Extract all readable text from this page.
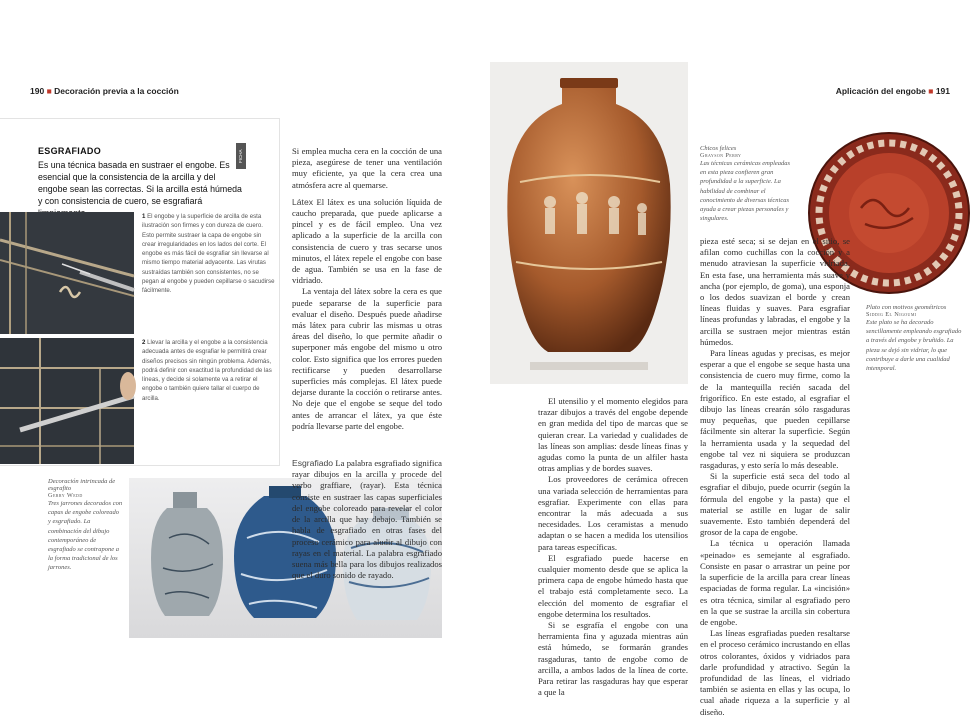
190 ■ Decoración previa a la cocción
FICHA TÉCNICA
ESGRAFIADO
Es una técnica basada en sustraer el engobe. Es esencial que la consistencia de la arcilla y del engobe sean las correctas. Si la arcilla está húmeda y con consistencia de cuero, se esgrafiará
1 El engobe y la superficie de arcilla de esta ilustración son firmes y con dureza de cuero. Esto permite sustraer la capa de engobe sin crear irregularidades en los lados del corte. El engobe es más fácil de esgrafiar sin llevarse al mismo tiempo material adyacente. Las virutas sustraídas también son consistentes, no se pegan al engobe y pueden cepillarse o sacudirse fácilmente.
2 Llevar la arcilla y el engobe a la consistencia adecuada antes de esgrafiar le permitirá crear diseños precisos sin ningún problema. Además, podrá definir con exactitud la profundidad de las líneas, y decide si solamente va a retirar el engobe o también quiere tallar el cuerpo de arcilla.
Decoración intrincada de esgrafito
Gerry Wedd
Tres jarrones decorados con capas de engobe coloreado y esgrafiado. La combinación del dibujo contemporáneo de esgrafiado se contrapone a la forma tradicional de los jarrones.

Si emplea mucha cera en la cocción de una pieza, asegúrese de tener una ventilación muy eficiente, ya que la cera crea una atmósfera acre al quemarse.

Látex El látex es una solución líquida de caucho preparada, que puede aplicarse a pincel y es de fácil empleo. Una vez aplicado a la superficie de la arcilla con consistencia de cuero y tras secarse unos minutos, el látex repele el engobe con base de agua. También se usa en la fase de vidriado.

La ventaja del látex sobre la cera es que puede separarse de la superficie para evaluar el diseño. Después puede añadirse más látex para cubrir las mismas u otras áreas del diseño, lo que permite añadir o superponer más engobe del mismo u otro color. Esto significa que los errores pueden rectificarse y pueden desarrollarse superficies más complejas. El látex puede dejarse durante la cocción o retirarse antes. No deje que el engobe se seque del todo antes de arrancar el látex, ya que éste podría llevarse parte del engobe.

Esgrafiado La palabra esgrafiado significa rayar dibujos en la arcilla y procede del verbo graffiare, (rayar). Esta técnica consiste en sustraer las capas superficiales del engobe coloreado para revelar el color de la arcilla que hay debajo. También se habla de esgrafiado en otras fases del proceso cerámico para aludir al dibujo con rayas en el material. La palabra esgrafiado suena más bella para los dibujos realizados que el duro sonido de rayado.

Aplicación del engobe ■ 191
Chicos felices
Grayson Perry
Las técnicas cerámicas empleadas en esta pieza confieren gran profundidad a la superficie. La habilidad de combinar el conocimiento de diversas técnicas ayuda a crear piezas personales y singulares.
Plato con motivos geométricos
Siddig El Nigoumi
Este plato se ha decorado sencillamente empleando esgrafiado a través del engobe y bruñido. La pieza se dejó sin vidriar, lo que contribuye a darle una cualidad intemporal.

El utensilio y el momento elegidos para trazar dibujos a través del engobe depende en gran medida del tipo de marcas que se quieran crear. La variedad y cualidades de las líneas son amplias: desde líneas finas y agudas como la punta de un alfiler hasta otras amplias y de bordes suaves.

Los proveedores de cerámica ofrecen una variada selección de herramientas para esgrafiar. Experimente con ellas para encontrar la más adecuada a sus necesidades. Los ceramistas a menudo adaptan o se hacen a medida los utensilios para tareas específicas.

El esgrafiado puede hacerse en cualquier momento desde que se aplica la primera capa de engobe húmedo hasta que el trabajo está completamente seco. La elección del momento de esgrafiar el engobe determina los resultados.

Si se esgrafía el engobe con una herramienta fina y aguzada mientras aún está húmedo, se formarán grandes rasgaduras, tanto de engobe como de arcilla, a ambos lados de la línea de corte. Para retirar las rasgaduras hay que esperar a que la

pieza esté seca; si se dejan en el sitio, se afilan como cuchillas con la cocción y a menudo atraviesan la superficie vidriada. En esta fase, una herramienta más suave y ancha (por ejemplo, de goma), una esponja o los dedos suavizan el borde y crean líneas fluidas y suaves. Para esgrafiar líneas profundas y labradas, el engobe y la arcilla se sustraen mejor mientras están húmedos.

Para líneas agudas y precisas, es mejor esperar a que el engobe se seque hasta una consistencia de cuero muy firme, como la de la mantequilla recién sacada del frigorífico. En este estado, al esgrafiar el dibujo las líneas crearán sólo rasgaduras muy pequeñas, que pueden cepillarse fácilmente sin alterar la superficie. Según la herramienta usada y la sequedad del engobe tal vez ni siquiera se produzcan rasgaduras, y esto sería lo más deseable.

Si la superficie está seca del todo al esgrafiar el dibujo, puede ocurrir (según la fórmula del engobe y la pasta) que el material se astille en lugar de salir suavemente. Esto también dependerá del grosor de la capa de engobe.

La técnica u operación llamada «peinado» es semejante al esgrafiado. Consiste en pasar o arrastrar un peine por la superficie de la arcilla para crear líneas espaciadas de forma regular. La «incisión» es otra técnica, similar al esgrafiado pero en la que se sustrae la arcilla sin cobertura de engobe.

Las líneas esgrafiadas pueden resaltarse en el proceso cerámico incrustando en ellas otros colorantes, óxidos y vidriados para darle profundidad y atractivo. Según la profundidad de las líneas, el vidriado también se asienta en ellas y las ocupa, lo cual añade riqueza a la superficie y al diseño.
